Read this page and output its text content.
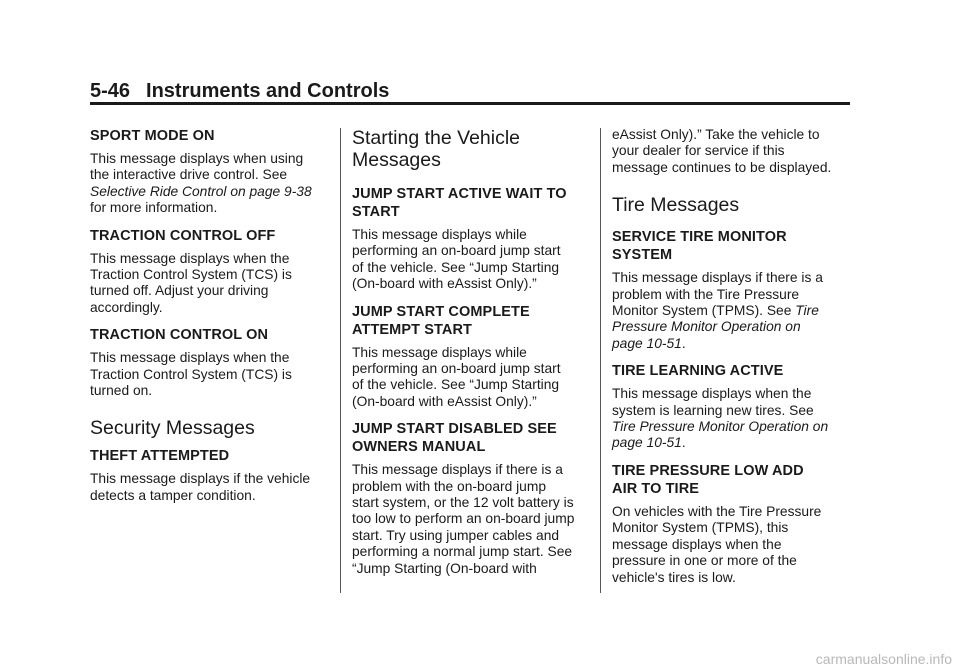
5-46 Instruments and Controls
SPORT MODE ON

This message displays when using
the interactive drive control. See
Selective Ride Control on page 9-38
for more information.

TRACTION CONTROL OFF

This message displays when the
Traction Control System (TCS) is
turned off. Adjust your driving
accordingly.

TRACTION CONTROL ON

This message displays when the
Traction Control System (TCS) is
turned on.

Security Messages
THEFT ATTEMPTED

This message displays if the vehicle
detects a tamper condition.

Starting the Vehicle
Messages
JUMP START ACTIVE WAIT TO
START

This message displays while
performing an on-board jump start
of the vehicle. See “Jump Starting
(On-board with eAssist Only).”

JUMP START COMPLETE
ATTEMPT START

This message displays while
performing an on-board jump start
of the vehicle. See “Jump Starting
(On-board with eAssist Only).”

JUMP START DISABLED SEE
OWNERS MANUAL

This message displays if there is a
problem with the on-board jump
start system, or the 12 volt battery is
too low to perform an on-board jump
start. Try using jumper cables and
performing a normal jump start. See
“Jump Starting (On-board with

eAssist Only).” Take the vehicle to
your dealer for service if this
message continues to be displayed.

Tire Messages
SERVICE TIRE MONITOR
SYSTEM

This message displays if there is a
problem with the Tire Pressure
Monitor System (TPMS). See Tire
Pressure Monitor Operation on
page 10-51.

TIRE LEARNING ACTIVE

This message displays when the
system is learning new tires. See
Tire Pressure Monitor Operation on
page 10-51.

TIRE PRESSURE LOW ADD
AIR TO TIRE

On vehicles with the Tire Pressure
Monitor System (TPMS), this
message displays when the
pressure in one or more of the
vehicle's tires is low.

carmanualsonline.info
